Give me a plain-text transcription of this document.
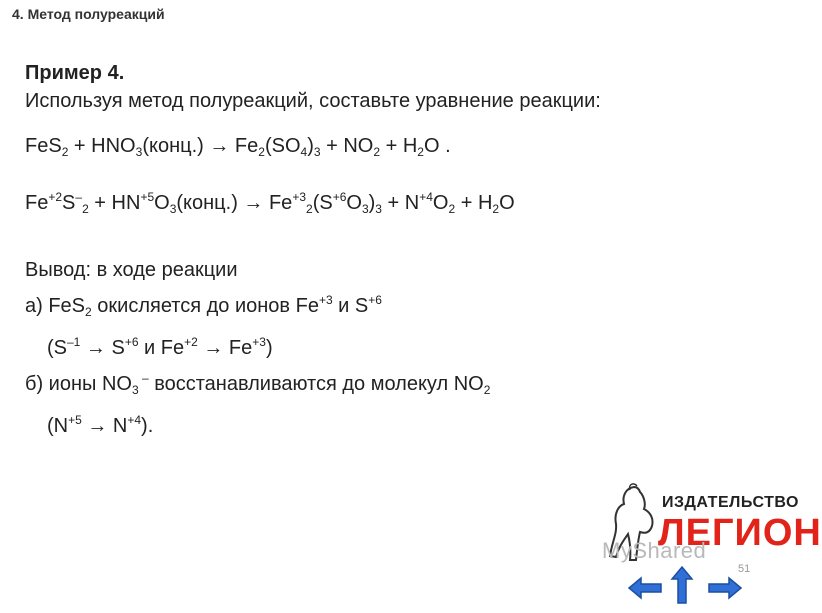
4. Метод полуреакций
Пример 4.
Используя метод полуреакций, составьте уравнение реакции:
$FeS_2 + HNO_3(конц.) \to Fe_2(SO_4)_3 + NO_2 + H_2O$ .
$Fe^{+2}S^-_2$ + $HN^{+5}O_3(конц.) \to Fe^{+3}_2(S^{+6}O_3)_3 + N^{+4}O_2 + H_2O$
Вывод: в ходе реакции
а) FeS$_2$ окисляется до ионов $Fe^{+3}$ и $S^{+6}$
($S^{-1} \to S^{+6}$ и $Fe^{+2} \to Fe^{+3}$)
б) ионы $NO_3$ – восстанавливаются до молекул $NO_2$
$(N^{+5} \to N^{+4})$.
ИЗДАТЕЛЬСТВО
ЛЕГИОН
MyShared
51
